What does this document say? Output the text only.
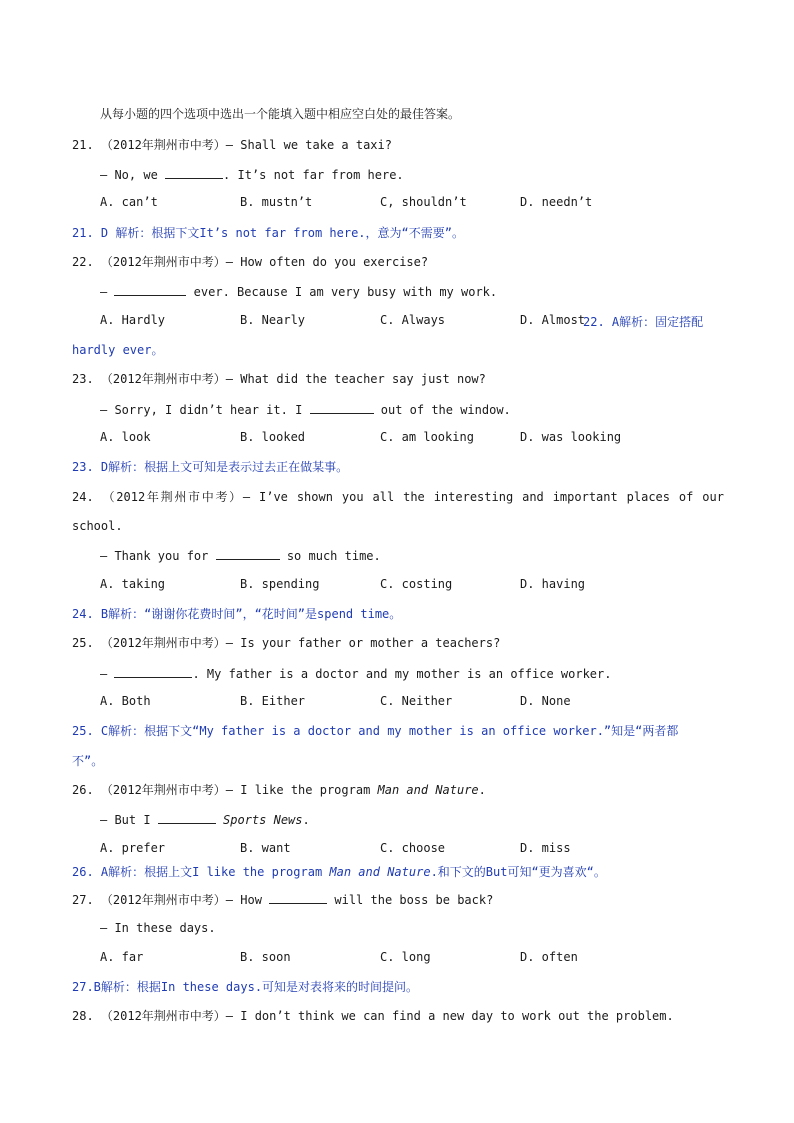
从每小题的四个选项中选出一个能填入题中相应空白处的最佳答案。
21. （2012年荆州市中考）— Shall we take a taxi?
— No, we	. It’s not far from here.
A. can’t	B. mustn’t	C, shouldn’t	D. needn’t
21. D 解析：根据下文It’s not far from here.，意为“不需要”。
22. （2012年荆州市中考）— How often do you exercise?
—	ever. Because I am very busy with my work.
A. Hardly	B. Nearly	C. Always	D. Almost
22. A解析：固定搭配
hardly ever。
23. （2012年荆州市中考）— What did the teacher say just now?
— Sorry, I didn’t hear it. I	out of the window.
A. look	B. looked	C. am looking	D. was looking
23. D解析：根据上文可知是表示过去正在做某事。
24. （2012年荆州市中考）— I’ve shown you all the interesting and important places of our
school.
— Thank you for	so much time.
A. taking	B. spending	C. costing	D. having
24. B解析：“谢谢你花费时间”，“花时间”是spend time。
25. （2012年荆州市中考）— Is your father or mother a teachers?
—	. My father is a doctor and my mother is an office worker.
A. Both	B. Either	C. Neither	D. None
25. C解析：根据下文“My father is a doctor and my mother is an office worker.”知是“两者都
不”。
26. （2012年荆州市中考）— I like the program Man and Nature.
— But I	Sports News.
A. prefer	B. want	C. choose	D. miss
26. A解析：根据上文I like the program Man and Nature.和下文的But可知“更为喜欢“。
27. （2012年荆州市中考）— How	will the boss be back?
— In these days.
A. far	B. soon	C. long	D. often
27.B解析：根据In these days.可知是对表将来的时间提问。
28. （2012年荆州市中考）— I don’t think we can find a new day to work out the problem.
